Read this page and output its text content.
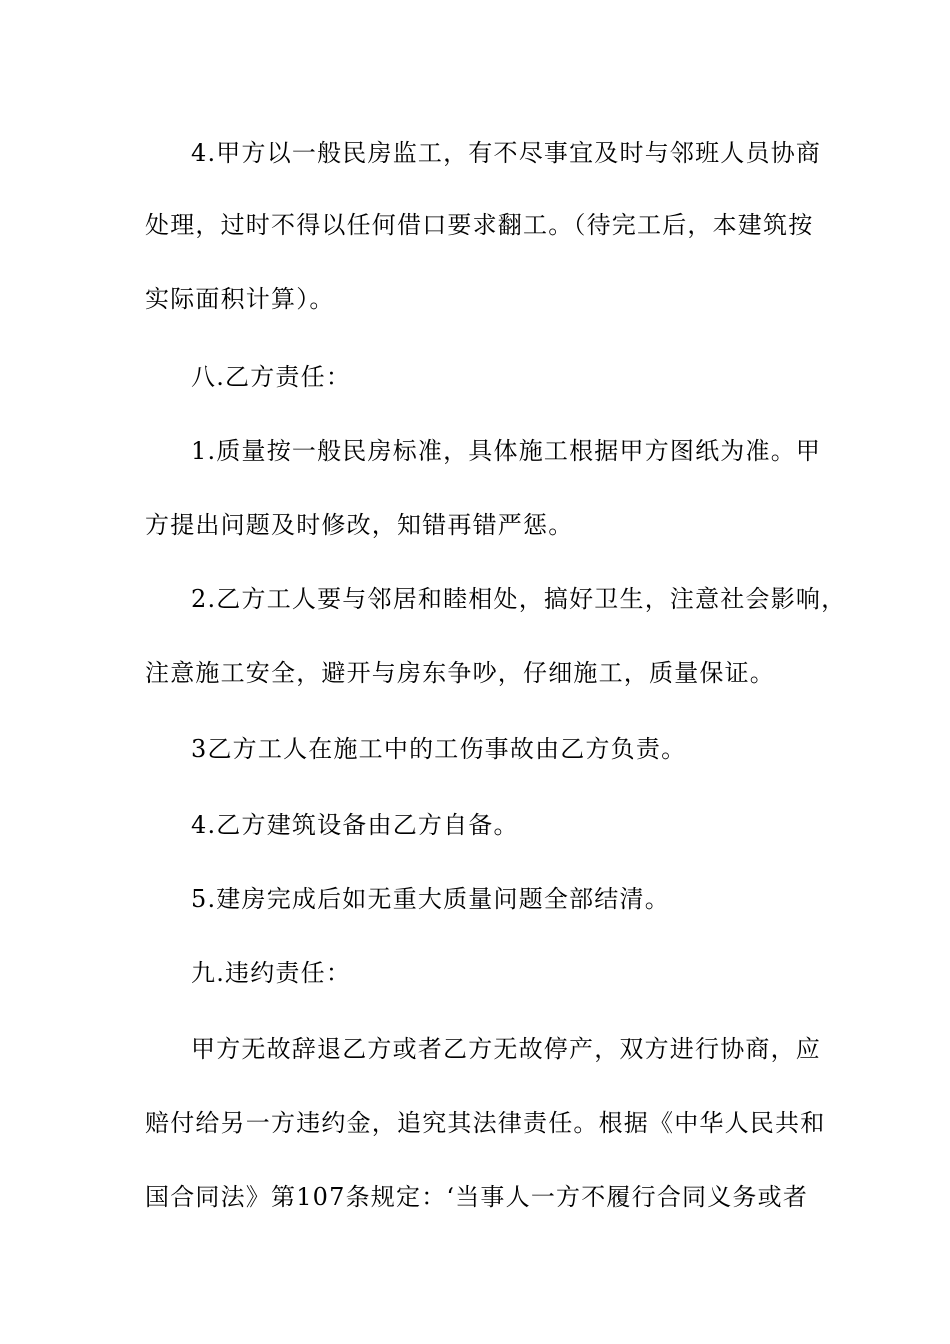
4.甲方以一般民房监工，有不尽事宜及时与邻班人员协商
处理，过时不得以任何借口要求翻工。（待完工后，本建筑按
实际面积计算）。
八.乙方责任：
1.质量按一般民房标准，具体施工根据甲方图纸为准。甲
方提出问题及时修改，知错再错严惩。
2.乙方工人要与邻居和睦相处，搞好卫生，注意社会影响，
注意施工安全，避开与房东争吵，仔细施工，质量保证。
3乙方工人在施工中的工伤事故由乙方负责。
4.乙方建筑设备由乙方自备。
5.建房完成后如无重大质量问题全部结清。
九.违约责任：
甲方无故辞退乙方或者乙方无故停产，双方进行协商，应
赔付给另一方违约金，追究其法律责任。根据《中华人民共和
国合同法》第107条规定：‘当事人一方不履行合同义务或者
